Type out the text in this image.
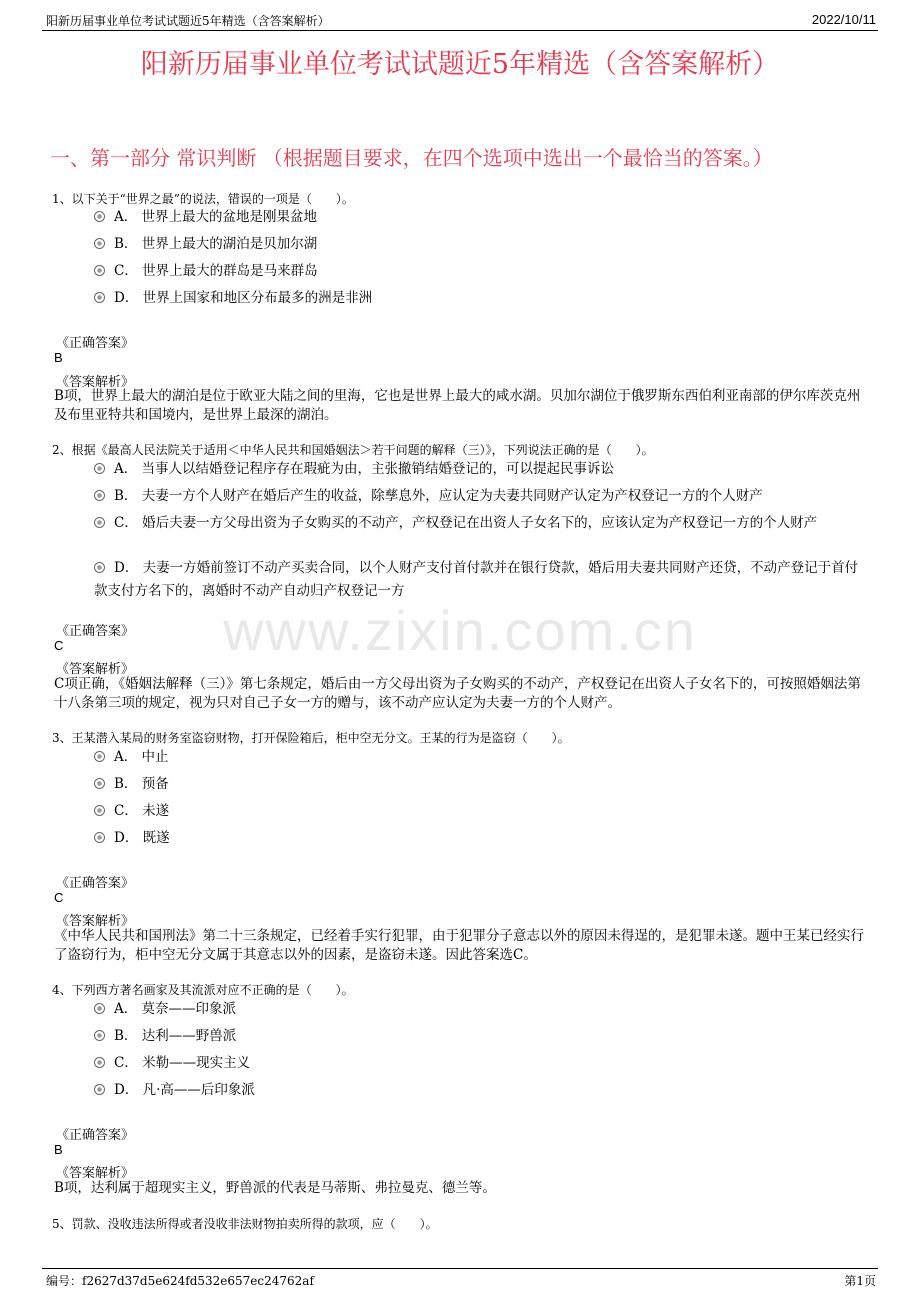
阳新历届事业单位考试试题近5年精选（含答案解析）	2022/10/11
阳新历届事业单位考试试题近5年精选（含答案解析）
一、第一部分 常识判断 （根据题目要求，在四个选项中选出一个最恰当的答案。）
www.zixin.com.cn
1、以下关于“世界之最”的说法，错误的一项是（　　）。
A． 世界上最大的盆地是刚果盆地
B． 世界上最大的湖泊是贝加尔湖
C． 世界上最大的群岛是马来群岛
D． 世界上国家和地区分布最多的洲是非洲
《正确答案》
B
《答案解析》
B项，世界上最大的湖泊是位于欧亚大陆之间的里海，它也是世界上最大的咸水湖。贝加尔湖位于俄罗斯东西伯利亚南部的伊尔库茨克州及布里亚特共和国境内，是世界上最深的湖泊。
2、根据《最高人民法院关于适用＜中华人民共和国婚姻法＞若干问题的解释（三）》，下列说法正确的是（　　）。
A． 当事人以结婚登记程序存在瑕疵为由，主张撤销结婚登记的，可以提起民事诉讼
B． 夫妻一方个人财产在婚后产生的收益，除孳息外，应认定为夫妻共同财产认定为产权登记一方的个人财产
C． 婚后夫妻一方父母出资为子女购买的不动产，产权登记在出资人子女名下的，应该认定为产权登记一方的个人财产
D． 夫妻一方婚前签订不动产买卖合同，以个人财产支付首付款并在银行贷款，婚后用夫妻共同财产还贷，不动产登记于首付款支付方名下的，离婚时不动产自动归产权登记一方
《正确答案》
C
《答案解析》
C项正确，《婚姻法解释（三）》第七条规定，婚后由一方父母出资为子女购买的不动产，产权登记在出资人子女名下的，可按照婚姻法第十八条第三项的规定，视为只对自己子女一方的赠与，该不动产应认定为夫妻一方的个人财产。
3、王某潜入某局的财务室盗窃财物，打开保险箱后，柜中空无分文。王某的行为是盗窃（　　）。
A． 中止
B． 预备
C． 未遂
D． 既遂
《正确答案》
C
《答案解析》
《中华人民共和国刑法》第二十三条规定，已经着手实行犯罪，由于犯罪分子意志以外的原因未得逞的，是犯罪未遂。题中王某已经实行了盗窃行为，柜中空无分文属于其意志以外的因素，是盗窃未遂。因此答案选C。
4、下列西方著名画家及其流派对应不正确的是（　　）。
A． 莫奈——印象派
B． 达利——野兽派
C． 米勒——现实主义
D． 凡·高——后印象派
《正确答案》
B
《答案解析》
B项，达利属于超现实主义，野兽派的代表是马蒂斯、弗拉曼克、德兰等。
5、罚款、没收违法所得或者没收非法财物拍卖所得的款项，应（　　）。
编号：f2627d37d5e624fd532e657ec24762af	第1页
